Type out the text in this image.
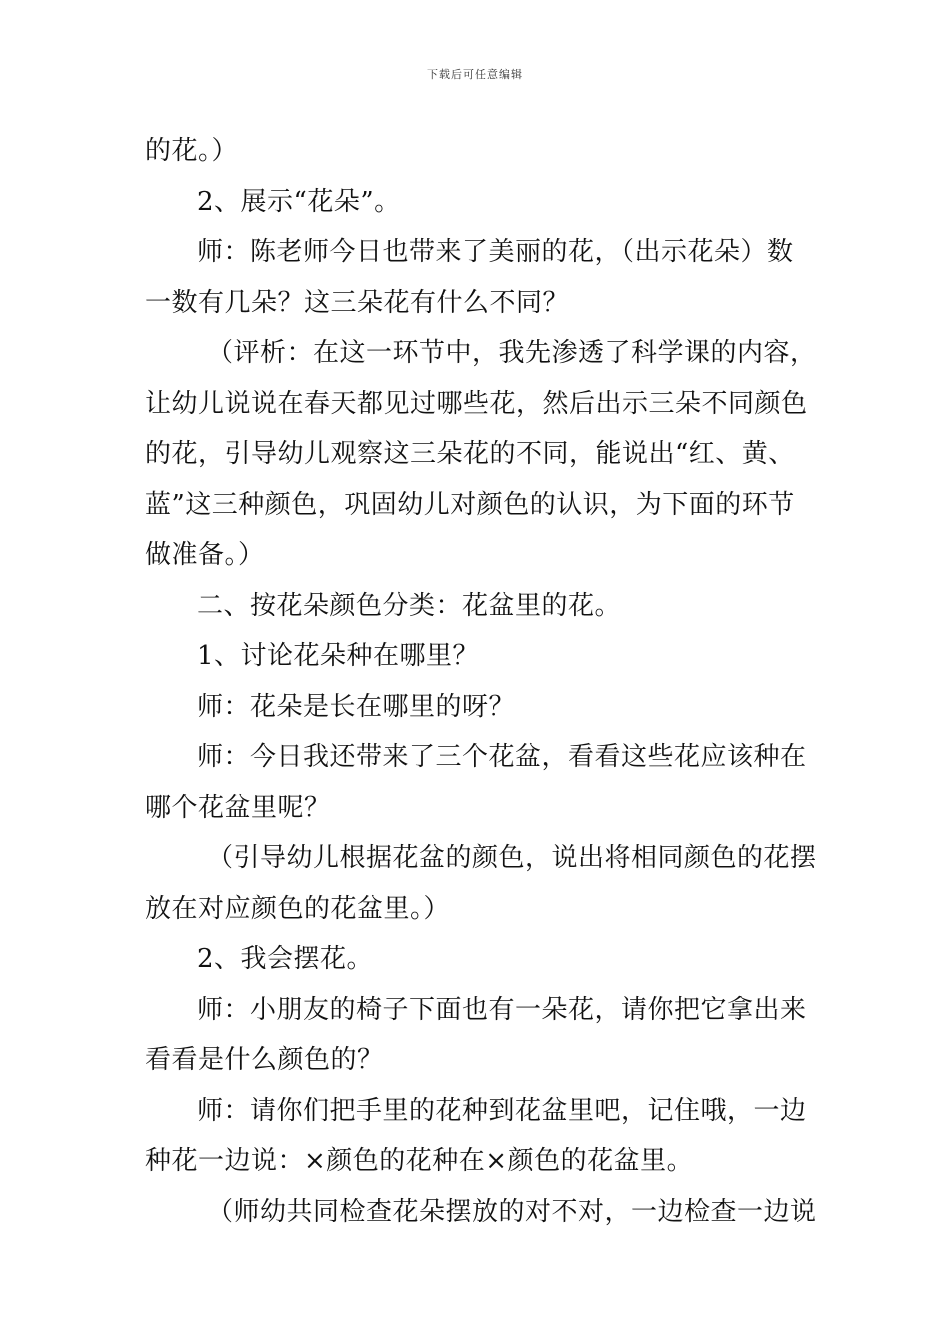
下载后可任意编辑
的花。）
2、展示“花朵”。
师：陈老师今日也带来了美丽的花，（出示花朵）数
一数有几朵？这三朵花有什么不同？
（评析：在这一环节中，我先渗透了科学课的内容，
让幼儿说说在春天都见过哪些花，然后出示三朵不同颜色
的花，引导幼儿观察这三朵花的不同，能说出“红、黄、
蓝”这三种颜色，巩固幼儿对颜色的认识，为下面的环节
做准备。）
二、按花朵颜色分类：花盆里的花。
1、讨论花朵种在哪里？
师：花朵是长在哪里的呀？
师：今日我还带来了三个花盆，看看这些花应该种在
哪个花盆里呢？
（引导幼儿根据花盆的颜色，说出将相同颜色的花摆
放在对应颜色的花盆里。）
2、我会摆花。
师：小朋友的椅子下面也有一朵花，请你把它拿出来
看看是什么颜色的？
师：请你们把手里的花种到花盆里吧，记住哦，一边
种花一边说：×颜色的花种在×颜色的花盆里。
（师幼共同检查花朵摆放的对不对，一边检查一边说
